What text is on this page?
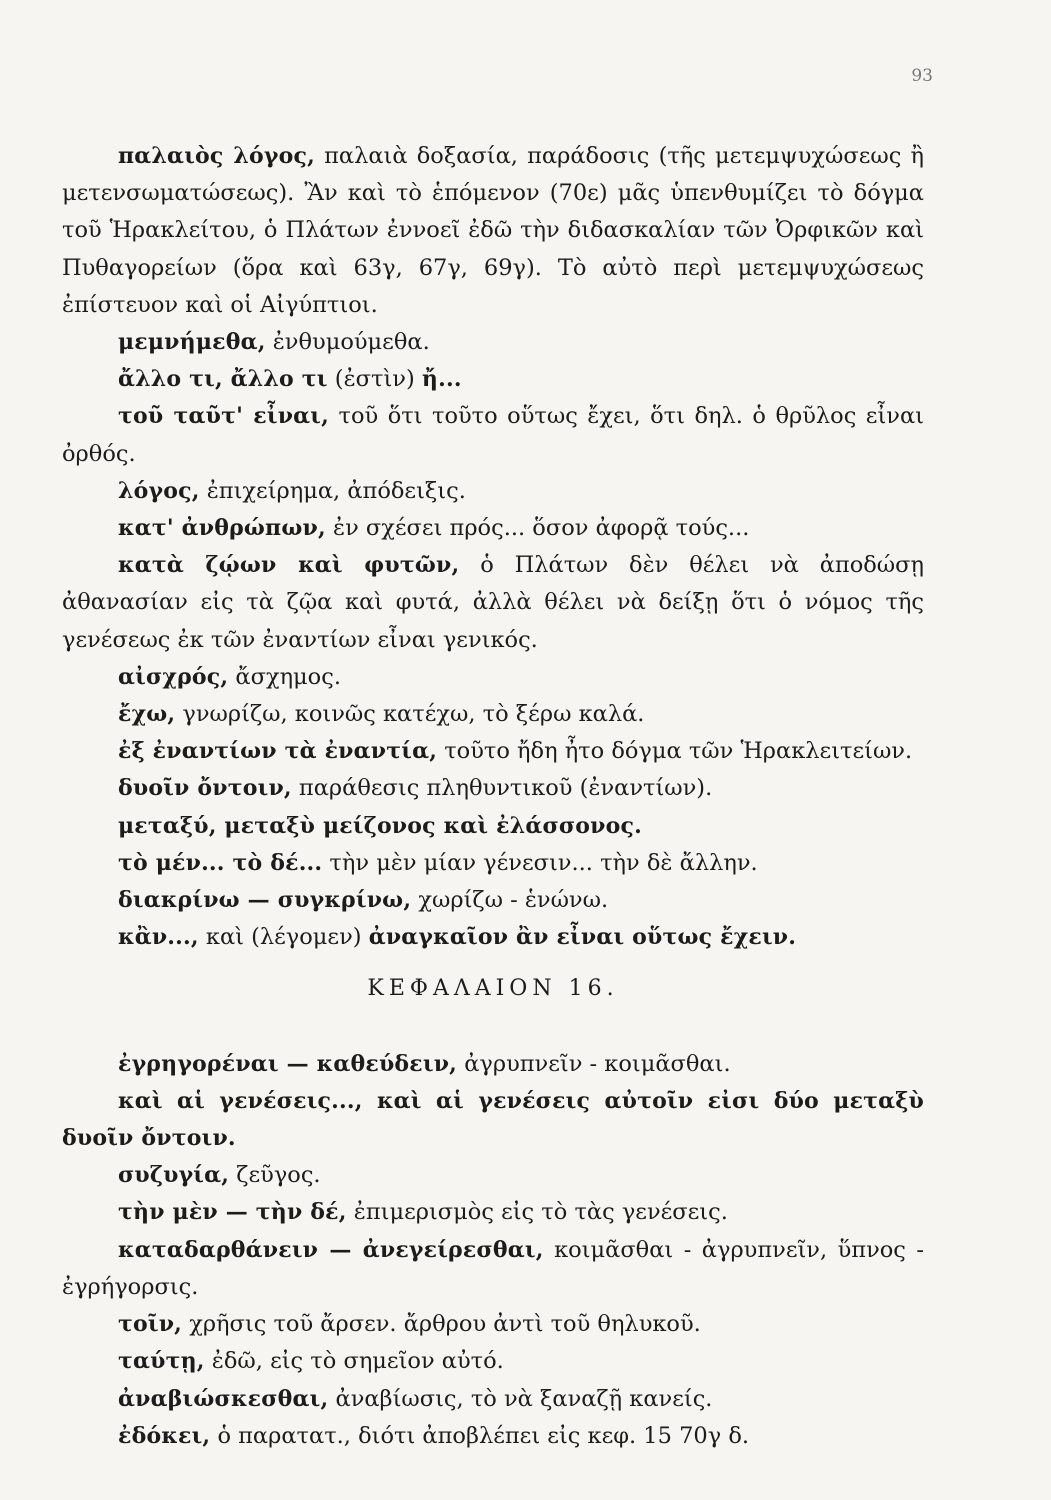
93

παλαιὸς λόγος, παλαιὰ δοξασία, παράδοσις (τῆς μετεμψυχώσεως ἢ μετενσωματώσεως). Ἂν καὶ τὸ ἑπόμενον (70ε) μᾶς ὑπενθυμίζει τὸ δόγμα τοῦ Ἡρακλείτου, ὁ Πλάτων ἐννοεῖ ἐδῶ τὴν διδασκαλίαν τῶν Ὀρφικῶν καὶ Πυθαγορείων (ὅρα καὶ 63γ, 67γ, 69γ). Τὸ αὐτὸ περὶ μετεμψυχώσεως ἐπίστευον καὶ οἱ Αἰγύπτιοι.

μεμνήμεθα, ἐνθυμούμεθα.

ἄλλο τι, ἄλλο τι (ἐστὶν) ἤ...

τοῦ ταῦτ' εἶναι, τοῦ ὅτι τοῦτο οὕτως ἔχει, ὅτι δηλ. ὁ θρῦλος εἶναι ὀρθός.

λόγος, ἐπιχείρημα, ἀπόδειξις.

κατ' ἀνθρώπων, ἐν σχέσει πρός... ὅσον ἀφορᾷ τούς...

κατὰ ζῴων καὶ φυτῶν, ὁ Πλάτων δὲν θέλει νὰ ἀποδώσῃ ἀθανασίαν εἰς τὰ ζῷα καὶ φυτά, ἀλλὰ θέλει νὰ δείξῃ ὅτι ὁ νόμος τῆς γενέσεως ἐκ τῶν ἐναντίων εἶναι γενικός.

αἰσχρός, ἄσχημος.

ἔχω, γνωρίζω, κοινῶς κατέχω, τὸ ξέρω καλά.

ἐξ ἐναντίων τὰ ἐναντία, τοῦτο ἤδη ἦτο δόγμα τῶν Ἡρακλειτείων.

δυοῖν ὄντοιν, παράθεσις πληθυντικοῦ (ἐναντίων).

μεταξύ, μεταξὺ μείζονος καὶ ἐλάσσονος.

τὸ μέν... τὸ δέ... τὴν μὲν μίαν γένεσιν... τὴν δὲ ἄλλην.

διακρίνω — συγκρίνω, χωρίζω - ἑνώνω.

κἂν..., καὶ (λέγομεν) ἀναγκαῖον ἂν εἶναι οὕτως ἔχειν.

ΚΕΦΑΛΑΙΟΝ 16.

ἐγρηγορέναι — καθεύδειν, ἀγρυπνεῖν - κοιμᾶσθαι.

καὶ αἱ γενέσεις..., καὶ αἱ γενέσεις αὐτοῖν εἰσι δύο μεταξὺ δυοῖν ὄντοιν.

συζυγία, ζεῦγος.

τὴν μὲν — τὴν δέ, ἐπιμερισμὸς εἰς τὸ τὰς γενέσεις.

καταδαρθάνειν — ἀνεγείρεσθαι, κοιμᾶσθαι - ἀγρυπνεῖν, ὕπνος - ἐγρήγορσις.

τοῖν, χρῆσις τοῦ ἄρσεν. ἄρθρου ἀντὶ τοῦ θηλυκοῦ.

ταύτῃ, ἐδῶ, εἰς τὸ σημεῖον αὐτό.

ἀναβιώσκεσθαι, ἀναβίωσις, τὸ νὰ ξαναζῇ κανείς.

ἐδόκει, ὁ παρατατ., διότι ἀποβλέπει εἰς κεφ. 15 70γ δ.
